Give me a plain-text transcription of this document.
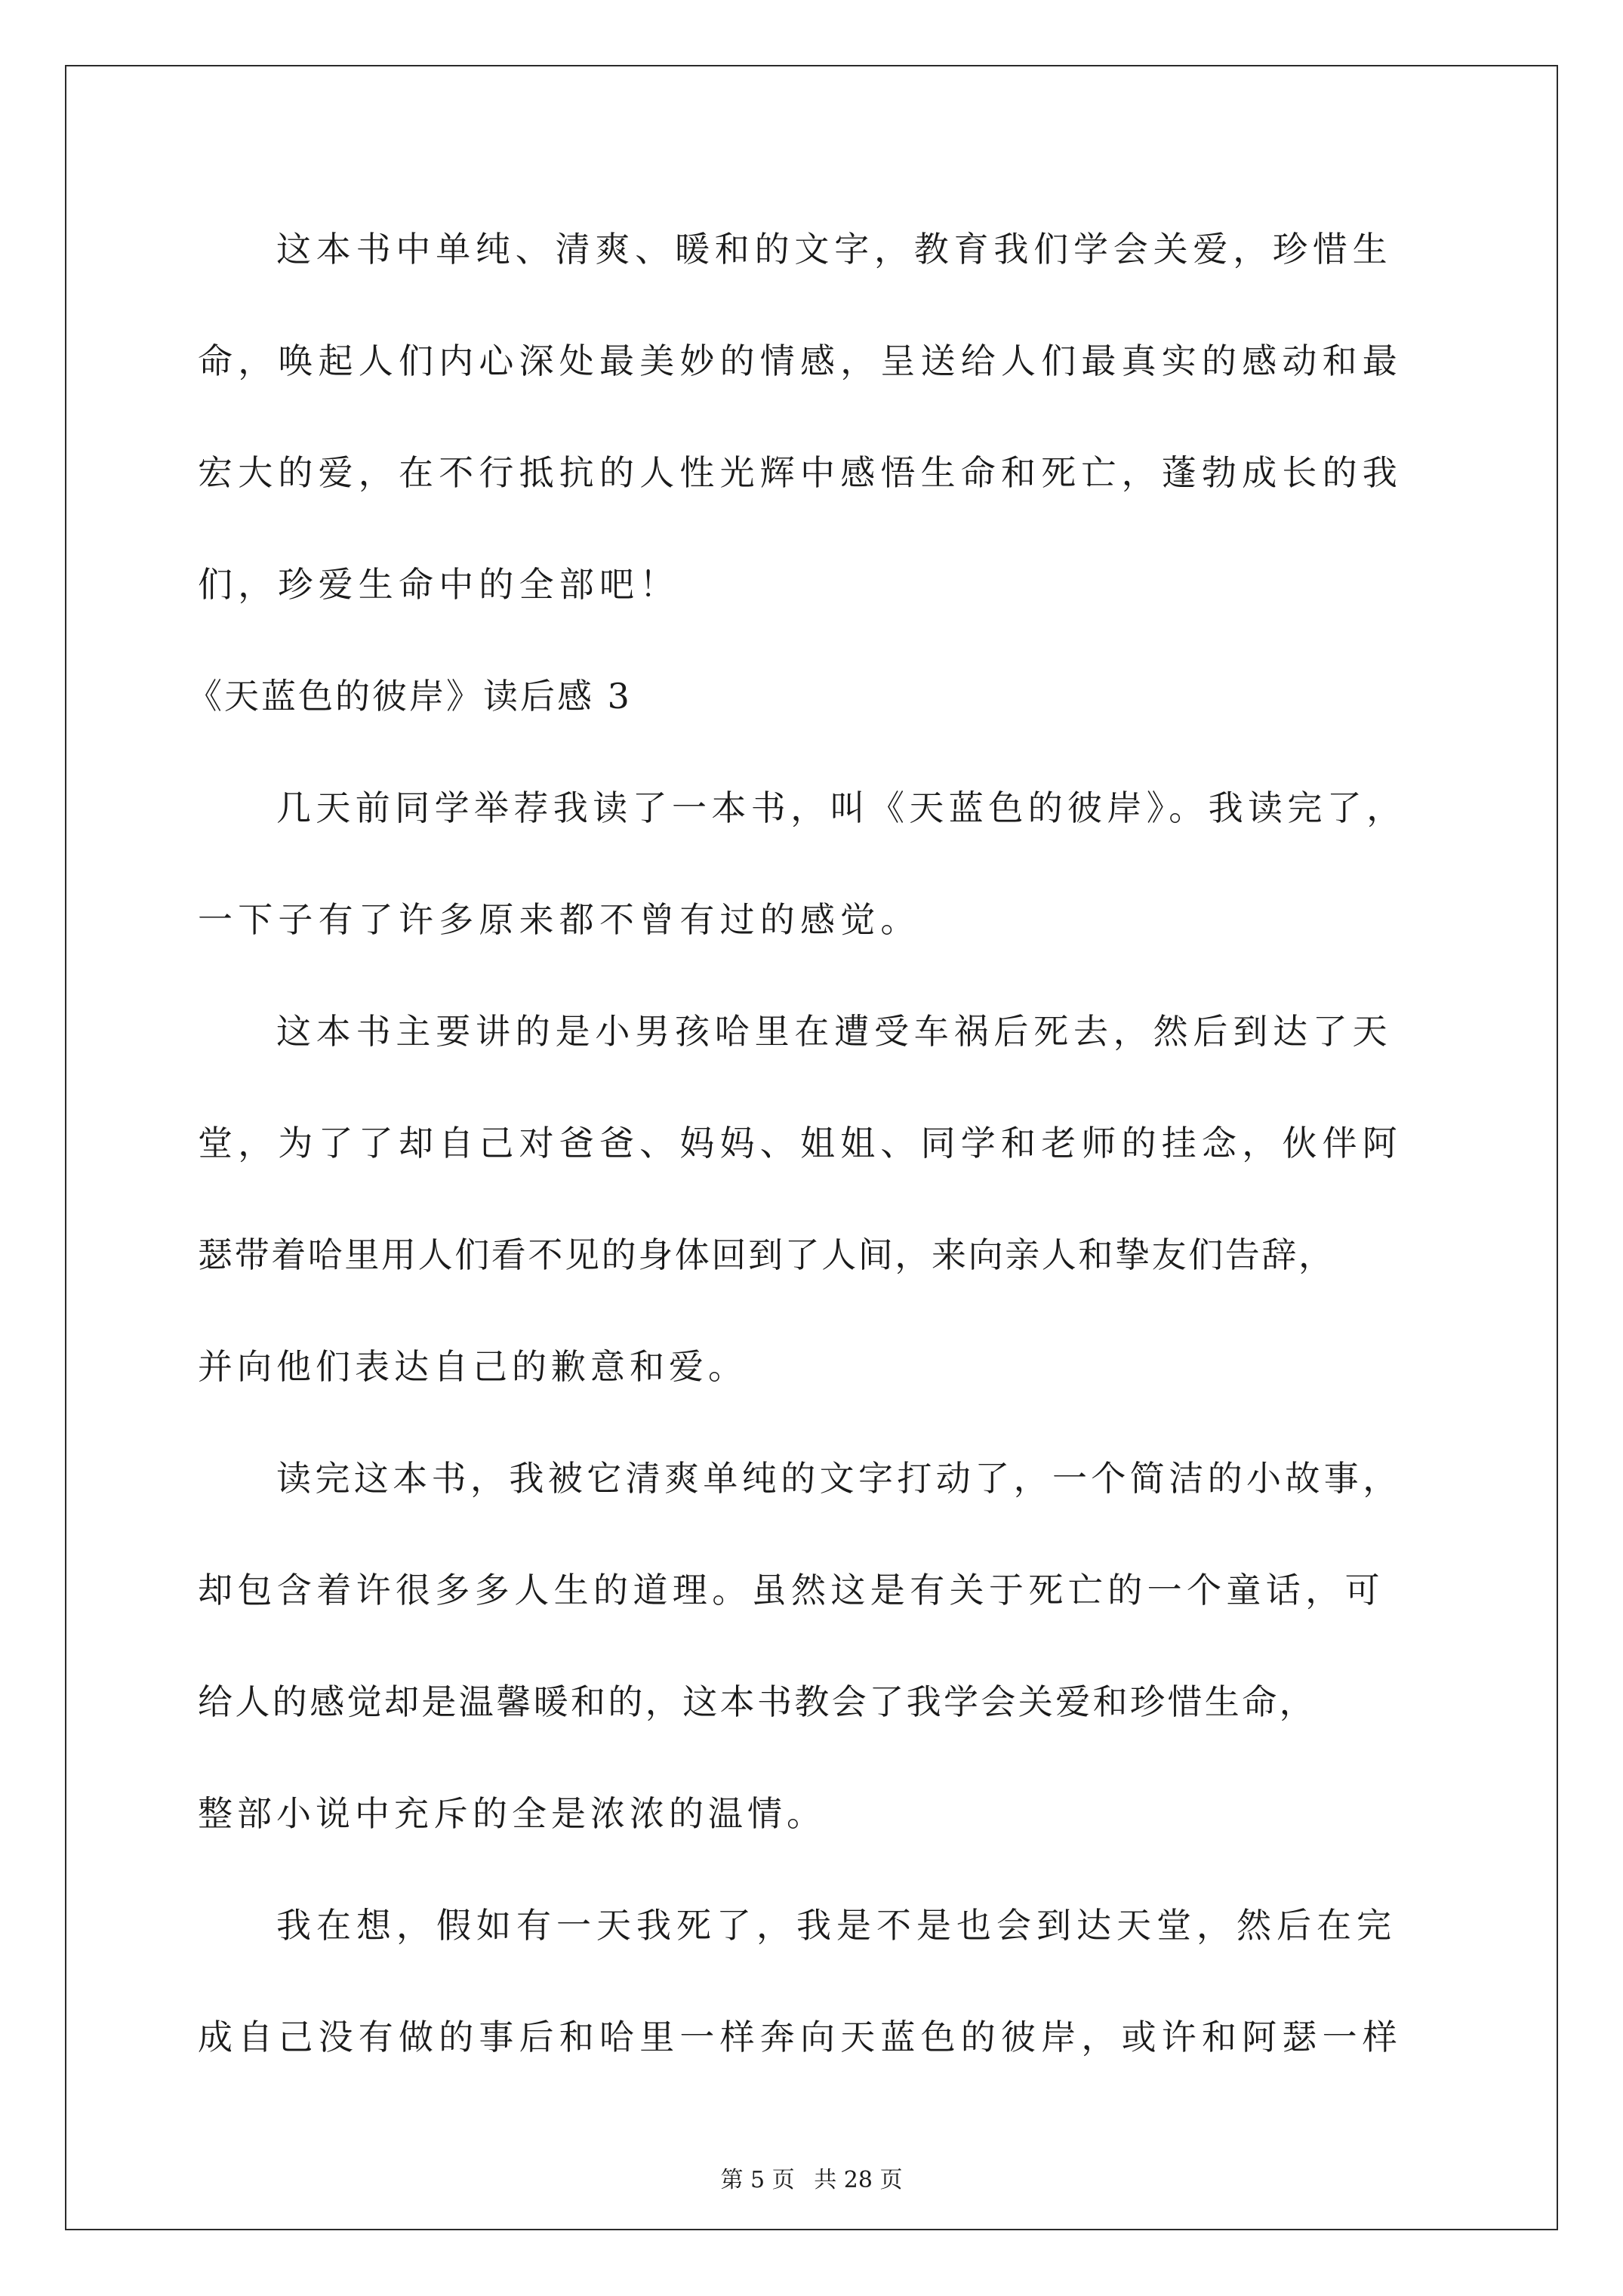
这本书中单纯、清爽、暖和的文字，教育我们学会关爱，珍惜生
命，唤起人们内心深处最美妙的情感，呈送给人们最真实的感动和最
宏大的爱，在不行抵抗的人性光辉中感悟生命和死亡，蓬勃成长的我
们，珍爱生命中的全部吧！
《天蓝色的彼岸》读后感 3
几天前同学举荐我读了一本书，叫《天蓝色的彼岸》。我读完了，
一下子有了许多原来都不曾有过的感觉。
这本书主要讲的是小男孩哈里在遭受车祸后死去，然后到达了天
堂，为了了却自己对爸爸、妈妈、姐姐、同学和老师的挂念，伙伴阿
瑟带着哈里用人们看不见的身体回到了人间，来向亲人和挚友们告辞，
并向他们表达自己的歉意和爱。
读完这本书，我被它清爽单纯的文字打动了，一个简洁的小故事，
却包含着许很多多人生的道理。虽然这是有关于死亡的一个童话，可
给人的感觉却是温馨暖和的，这本书教会了我学会关爱和珍惜生命，
整部小说中充斥的全是浓浓的温情。
我在想，假如有一天我死了，我是不是也会到达天堂，然后在完
成自己没有做的事后和哈里一样奔向天蓝色的彼岸，或许和阿瑟一样
第 5 页 共 28 页
